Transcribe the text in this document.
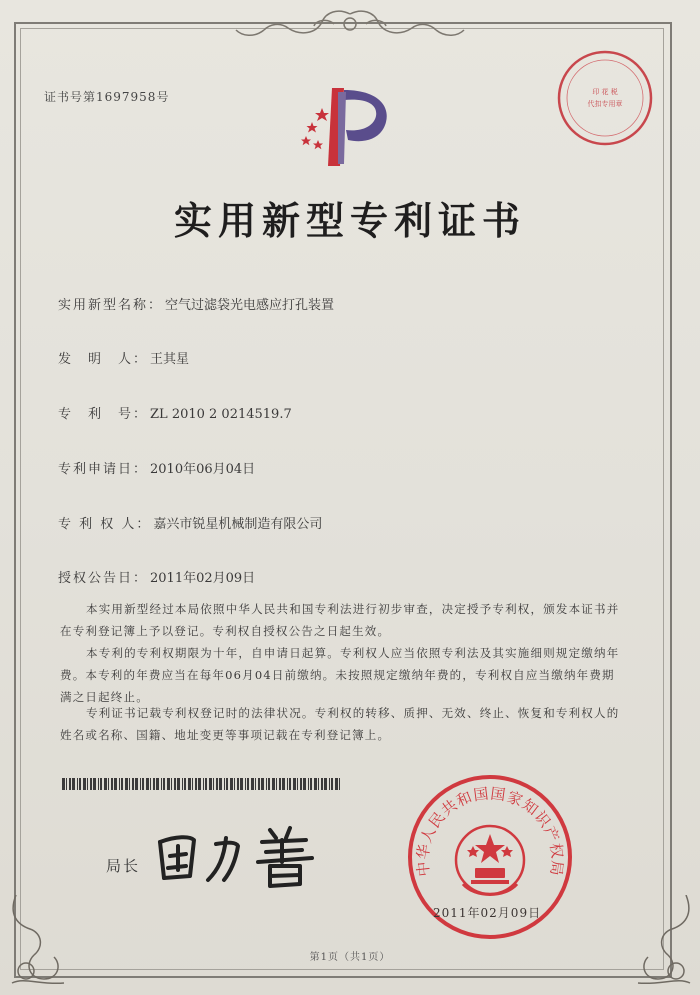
证书号第1697958号	印 花 税
代扣专用章
实用新型专利证书
实用新型名称： 空气过滤袋光电感应打孔装置
发　明　人： 王其星
专　利　号： ZL 2010 2 0214519.7
专利申请日： 2010年06月04日
专 利 权 人： 嘉兴市锐星机械制造有限公司
授权公告日： 2011年02月09日
本实用新型经过本局依照中华人民共和国专利法进行初步审查，决定授予专利权，颁发本证书并在专利登记簿上予以登记。专利权自授权公告之日起生效。
本专利的专利权期限为十年，自申请日起算。专利权人应当依照专利法及其实施细则规定缴纳年费。本专利的年费应当在每年06月04日前缴纳。未按照规定缴纳年费的，专利权自应当缴纳年费期满之日起终止。
专利证书记载专利权登记时的法律状况。专利权的转移、质押、无效、终止、恢复和专利权人的姓名或名称、国籍、地址变更等事项记载在专利登记簿上。
局长	中华人民共和国国家知识产权局
2011年02月09日
第1页（共1页）
